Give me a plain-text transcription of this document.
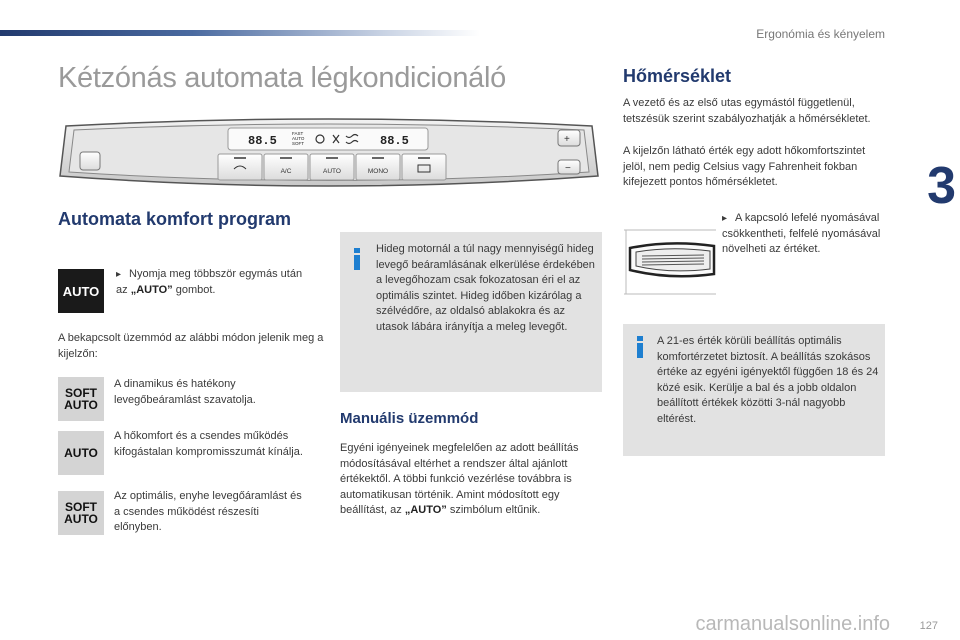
Ergonómia és kényelem
3
Kétzónás automata légkondicionáló
88.5	88.5
FAST
AUTO
SOFT	+
−
A/C	AUTO	MONO
Automata komfort program
AUTO
▸ Nyomja meg többször egymás után az „AUTO” gombot.
A bekapcsolt üzemmód az alábbi módon jelenik meg a kijelzőn:
SOFT
AUTO
A dinamikus és hatékony levegőbeáramlást szavatolja.
AUTO
A hőkomfort és a csendes működés kifogástalan kompromisszumát kínálja.
SOFT
AUTO
Az optimális, enyhe levegőáramlást és a csendes működést részesíti előnyben.
Hideg motornál a túl nagy mennyiségű hideg levegő beáramlásának elkerülése érdekében a levegőhozam csak fokozatosan éri el az optimális szintet. Hideg időben kizárólag a szélvédőre, az oldalsó ablakokra és az utasok lábára irányítja a meleg levegőt.
Manuális üzemmód
Egyéni igényeinek megfelelően az adott beállítás módosításával eltérhet a rendszer által ajánlott értékektől. A többi funkció vezérlése továbbra is automatikusan történik. Amint módosított egy beállítást, az „AUTO” szimbólum eltűnik.
Hőmérséklet
A vezető és az első utas egymástól függetlenül, tetszésük szerint szabályozhatják a hőmérsékletet.
A kijelzőn látható érték egy adott hőkomfortszintet jelöl, nem pedig Celsius vagy Fahrenheit fokban kifejezett pontos hőmérsékletet.
▸ A kapcsoló lefelé nyomásával csökkentheti, felfelé nyomásával növelheti az értéket.
A 21-es érték körüli beállítás optimális komfortérzetet biztosít. A beállítás szokásos értéke az egyéni igényektől függően 18 és 24 közé esik. Kerülje a bal és a jobb oldalon beállított értékek közötti 3-nál nagyobb eltérést.
carmanualsonline.info	127
